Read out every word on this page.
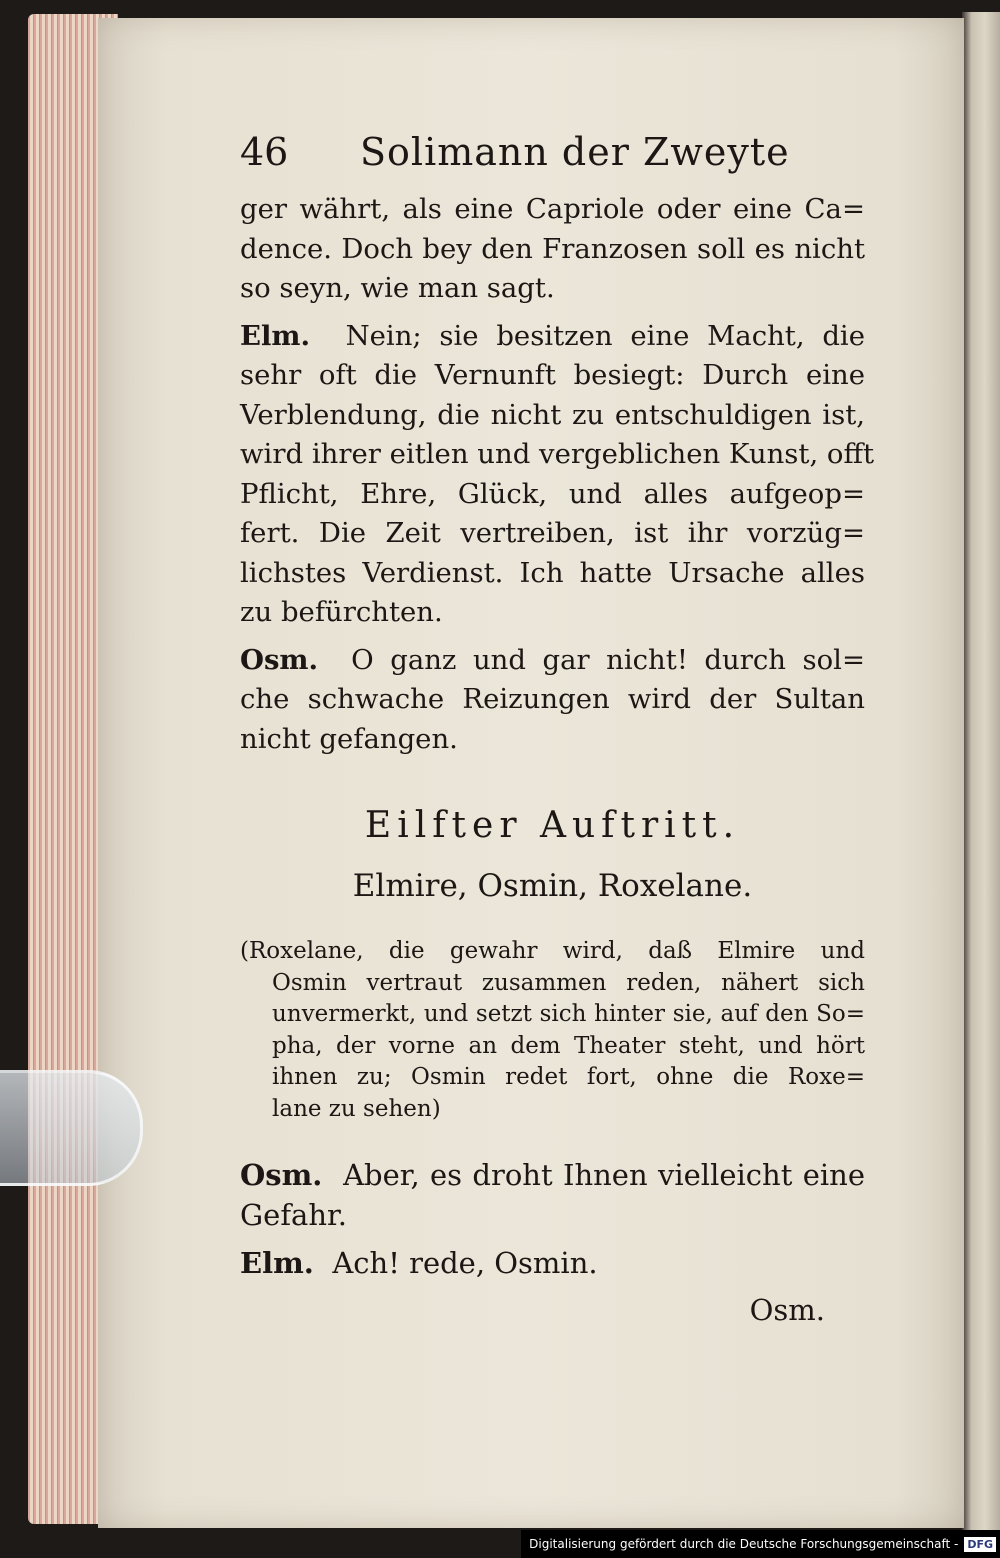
46	Solimann der Zweyte

ger währt, als eine Capriole oder eine Ca=
dence. Doch bey den Franzosen soll es nicht
so seyn, wie man sagt.

Elm. Nein; sie besitzen eine Macht, die
sehr oft die Vernunft besiegt: Durch eine
Verblendung, die nicht zu entschuldigen ist,
wird ihrer eitlen und vergeblichen Kunst, offt
Pflicht, Ehre, Glück, und alles aufgeop=
fert. Die Zeit vertreiben, ist ihr vorzüg=
lichstes Verdienst. Ich hatte Ursache alles
zu befürchten.

Osm. O ganz und gar nicht! durch sol=
che schwache Reizungen wird der Sultan
nicht gefangen.

Eilfter Auftritt.
Elmire, Osmin, Roxelane.
(Roxelane, die gewahr wird, daß Elmire und
Osmin vertraut zusammen reden, nähert sich
unvermerkt, und setzt sich hinter sie, auf den So=
pha, der vorne an dem Theater steht, und hört
ihnen zu; Osmin redet fort, ohne die Roxe=
lane zu sehen)
Osm. Aber, es droht Ihnen vielleicht eine
Gefahr.
Elm. Ach! rede, Osmin.
Osm.
Digitalisierung gefördert durch die Deutsche Forschungsgemeinschaft - DFG
